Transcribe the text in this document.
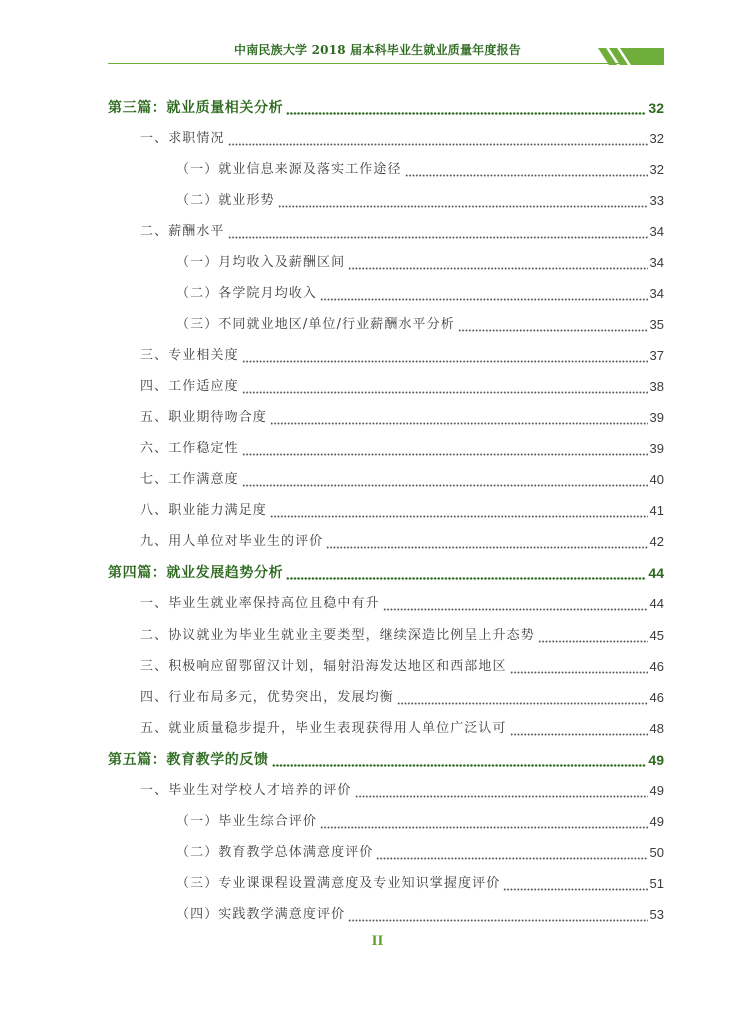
中南民族大学 2018 届本科毕业生就业质量年度报告
第三篇：就业质量相关分析	32
一、求职情况	32
（一）就业信息来源及落实工作途径	32
（二）就业形势	33
二、薪酬水平	34
（一）月均收入及薪酬区间	34
（二）各学院月均收入	34
（三）不同就业地区/单位/行业薪酬水平分析	35
三、专业相关度	37
四、工作适应度	38
五、职业期待吻合度	39
六、工作稳定性	39
七、工作满意度	40
八、职业能力满足度	41
九、用人单位对毕业生的评价	42
第四篇：就业发展趋势分析	44
一、毕业生就业率保持高位且稳中有升	44
二、协议就业为毕业生就业主要类型，继续深造比例呈上升态势	45
三、积极响应留鄂留汉计划，辐射沿海发达地区和西部地区	46
四、行业布局多元，优势突出，发展均衡	46
五、就业质量稳步提升，毕业生表现获得用人单位广泛认可	48
第五篇：教育教学的反馈	49
一、毕业生对学校人才培养的评价	49
（一）毕业生综合评价	49
（二）教育教学总体满意度评价	50
（三）专业课课程设置满意度及专业知识掌握度评价	51
（四）实践教学满意度评价	53
II
